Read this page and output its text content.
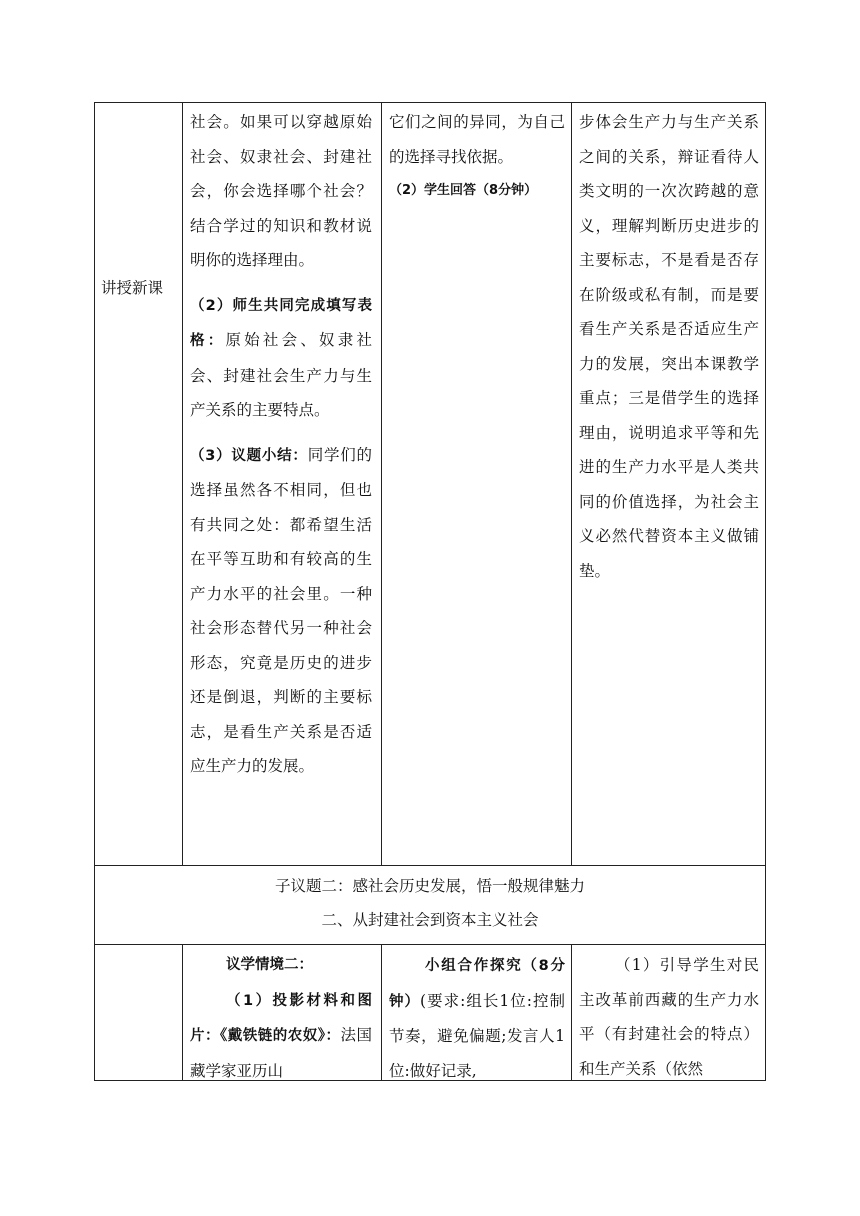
讲授新课

社会。如果可以穿越原始社会、奴隶社会、封建社会，你会选择哪个社会？结合学过的知识和教材说明你的选择理由。

（2）师生共同完成填写表格：原始社会、奴隶社会、封建社会生产力与生产关系的主要特点。

（3）议题小结：同学们的选择虽然各不相同，但也有共同之处：都希望生活在平等互助和有较高的生产力水平的社会里。一种社会形态替代另一种社会形态，究竟是历史的进步还是倒退，判断的主要标志，是看生产关系是否适应生产力的发展。

它们之间的异同，为自己的选择寻找依据。

（2）学生回答（8分钟）

步体会生产力与生产关系之间的关系，辩证看待人类文明的一次次跨越的意义，理解判断历史进步的主要标志，不是看是否存在阶级或私有制，而是要看生产关系是否适应生产力的发展，突出本课教学重点；三是借学生的选择理由，说明追求平等和先进的生产力水平是人类共同的价值选择，为社会主义必然代替资本主义做铺垫。

子议题二：感社会历史发展，悟一般规律魅力
二、从封建社会到资本主义社会

议学情境二：

（1）投影材料和图片：《戴铁链的农奴》：法国藏学家亚历山

小组合作探究（8分钟）(要求:组长1位:控制节奏，避免偏题;发言人1位:做好记录,

（1）引导学生对民主改革前西藏的生产力水平（有封建社会的特点）和生产关系（依然
